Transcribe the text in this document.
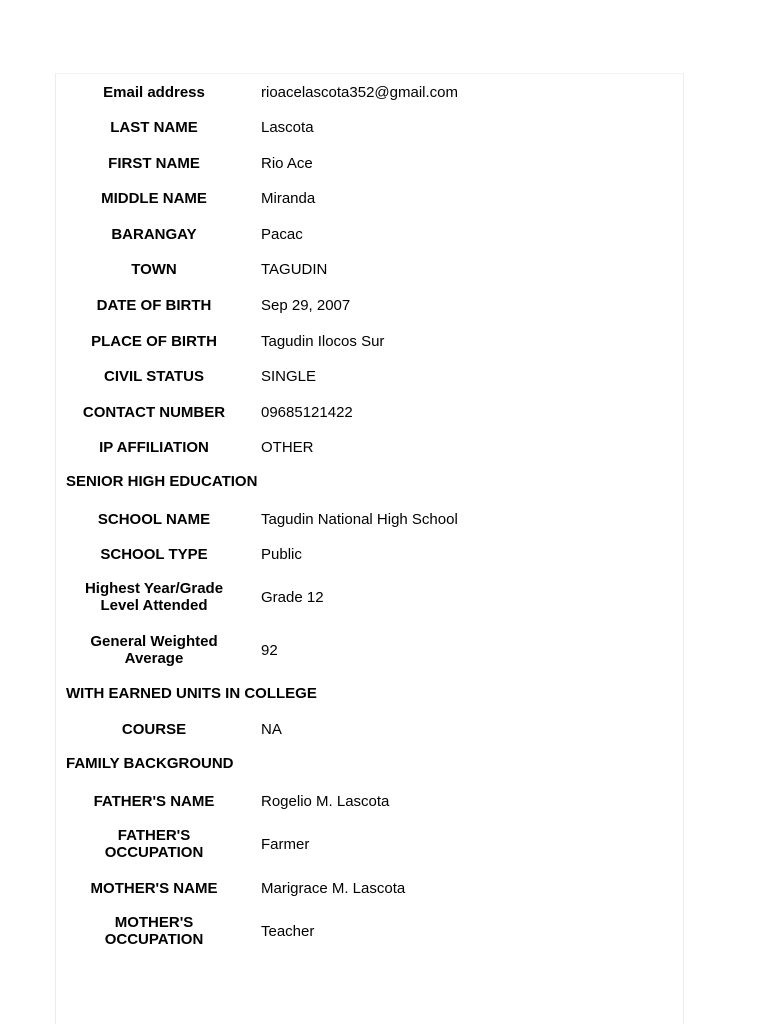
Email address	rioacelascota352@gmail.com
LAST NAME	Lascota
FIRST NAME	Rio Ace
MIDDLE NAME	Miranda
BARANGAY	Pacac
TOWN	TAGUDIN
DATE OF BIRTH	Sep 29, 2007
PLACE OF BIRTH	Tagudin Ilocos Sur
CIVIL STATUS	SINGLE
CONTACT NUMBER	09685121422
IP AFFILIATION	OTHER
SENIOR HIGH EDUCATION
SCHOOL NAME	Tagudin National High School
SCHOOL TYPE	Public
Highest Year/Grade
Level Attended	Grade 12
General Weighted
Average	92
WITH EARNED UNITS IN COLLEGE
COURSE	NA
FAMILY BACKGROUND
FATHER'S NAME	Rogelio M. Lascota
FATHER'S
OCCUPATION	Farmer
MOTHER'S NAME	Marigrace M. Lascota
MOTHER'S
OCCUPATION	Teacher
